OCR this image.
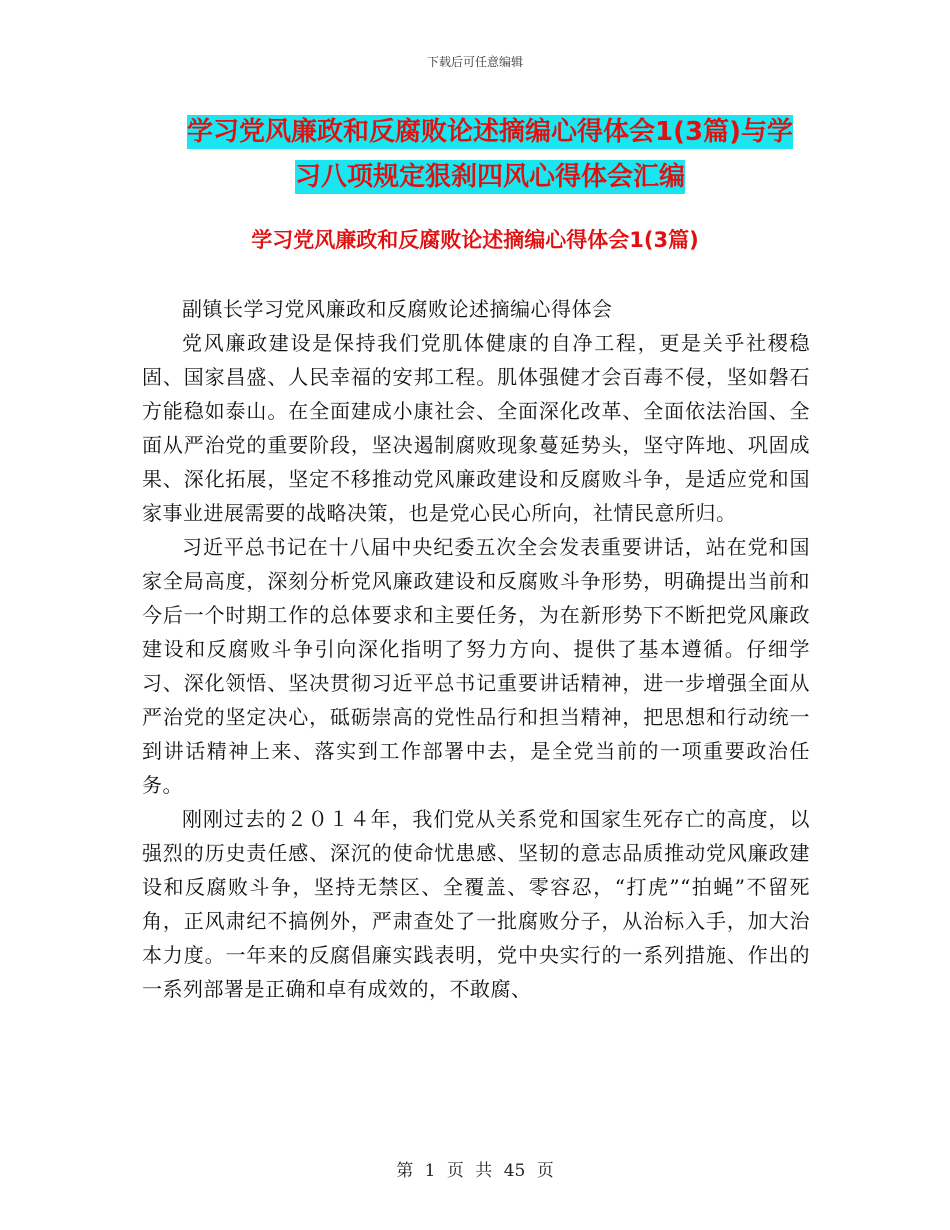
下载后可任意编辑
学习党风廉政和反腐败论述摘编心得体会1(3篇)与学
习八项规定狠刹四风心得体会汇编
学习党风廉政和反腐败论述摘编心得体会1(3篇)

副镇长学习党风廉政和反腐败论述摘编心得体会

党风廉政建设是保持我们党肌体健康的自净工程，更是关乎社稷稳固、国家昌盛、人民幸福的安邦工程。肌体强健才会百毒不侵，坚如磐石方能稳如泰山。在全面建成小康社会、全面深化改革、全面依法治国、全面从严治党的重要阶段，坚决遏制腐败现象蔓延势头，坚守阵地、巩固成果、深化拓展，坚定不移推动党风廉政建设和反腐败斗争，是适应党和国家事业进展需要的战略决策，也是党心民心所向，社情民意所归。

习近平总书记在十八届中央纪委五次全会发表重要讲话，站在党和国家全局高度，深刻分析党风廉政建设和反腐败斗争形势，明确提出当前和今后一个时期工作的总体要求和主要任务，为在新形势下不断把党风廉政建设和反腐败斗争引向深化指明了努力方向、提供了基本遵循。仔细学习、深化领悟、坚决贯彻习近平总书记重要讲话精神，进一步增强全面从严治党的坚定决心，砥砺崇高的党性品行和担当精神，把思想和行动统一到讲话精神上来、落实到工作部署中去，是全党当前的一项重要政治任务。

刚刚过去的２０１４年，我们党从关系党和国家生死存亡的高度，以强烈的历史责任感、深沉的使命忧患感、坚韧的意志品质推动党风廉政建设和反腐败斗争，坚持无禁区、全覆盖、零容忍，“打虎”“拍蝇”不留死角，正风肃纪不搞例外，严肃查处了一批腐败分子，从治标入手，加大治本力度。一年来的反腐倡廉实践表明，党中央实行的一系列措施、作出的一系列部署是正确和卓有成效的，不敢腐、

第 1 页 共 45 页
